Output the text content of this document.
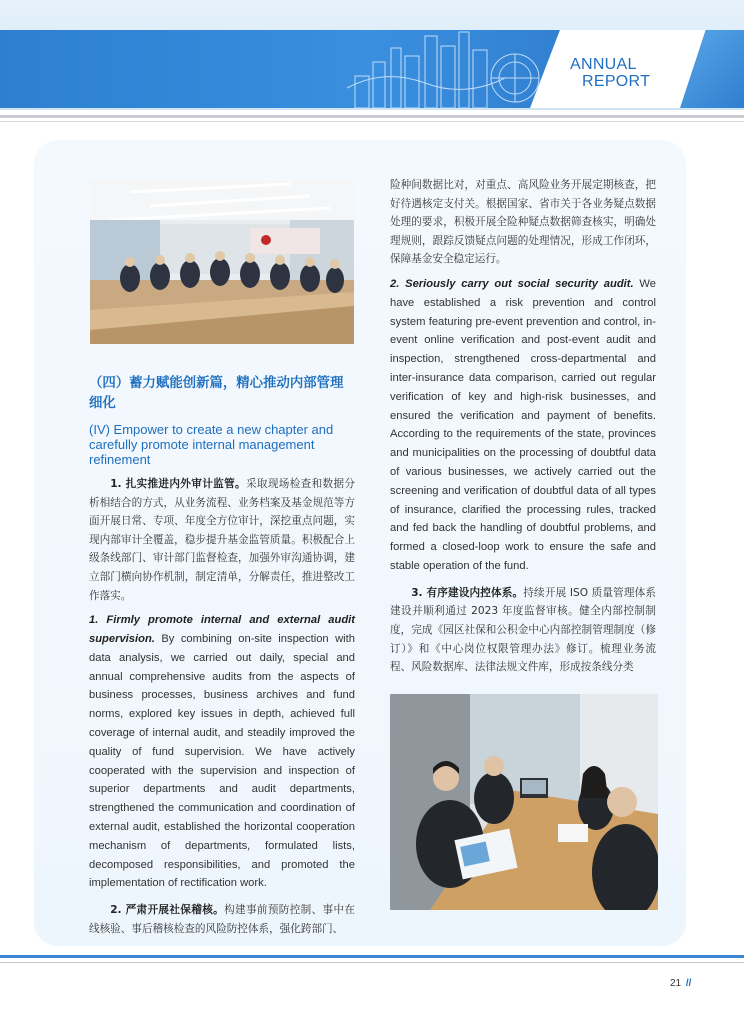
ANNUAL
REPORT

（四）蓄力赋能创新篇，精心推动内部管理细化

(IV) Empower to create a new chapter and carefully promote internal management refinement

1. 扎实推进内外审计监管。采取现场检查和数据分析相结合的方式，从业务流程、业务档案及基金规范等方面开展日常、专项、年度全方位审计，深挖重点问题，实现内部审计全覆盖，稳步提升基金监管质量。积极配合上级条线部门、审计部门监督检查，加强外审沟通协调，建立部门横向协作机制，制定清单，分解责任，推进整改工作落实。

1. Firmly promote internal and external audit supervision. By combining on-site inspection with data analysis, we carried out daily, special and annual comprehensive audits from the aspects of business processes, business archives and fund norms, explored key issues in depth, achieved full coverage of internal audit, and steadily improved the quality of fund supervision. We have actively cooperated with the supervision and inspection of superior departments and audit departments, strengthened the communication and coordination of external audit, established the horizontal cooperation mechanism of departments, formulated lists, decomposed responsibilities, and promoted the implementation of rectification work.

2. 严肃开展社保稽核。构建事前预防控制、事中在线核验、事后稽核检查的风险防控体系，强化跨部门、

险种间数据比对，对重点、高风险业务开展定期核查，把好待遇核定支付关。根据国家、省市关于各业务疑点数据处理的要求，积极开展全险种疑点数据筛查核实，明确处理规则，跟踪反馈疑点问题的处理情况，形成工作闭环，保障基金安全稳定运行。

2. Seriously carry out social security audit. We have established a risk prevention and control system featuring pre-event prevention and control, in-event online verification and post-event audit and inspection, strengthened cross-departmental and inter-insurance data comparison, carried out regular verification of key and high-risk businesses, and ensured the verification and payment of benefits. According to the requirements of the state, provinces and municipalities on the processing of doubtful data of various businesses, we actively carried out the screening and verification of doubtful data of all types of insurance, clarified the processing rules, tracked and fed back the handling of doubtful problems, and formed a closed-loop work to ensure the safe and stable operation of the fund.

3. 有序建设内控体系。持续开展 ISO 质量管理体系建设并顺利通过 2023 年度监督审核。健全内部控制制度，完成《园区社保和公积金中心内部控制管理制度（修订）》和《中心岗位权限管理办法》修订。梳理业务流程、风险数据库、法律法规文件库，形成按条线分类

21 //
